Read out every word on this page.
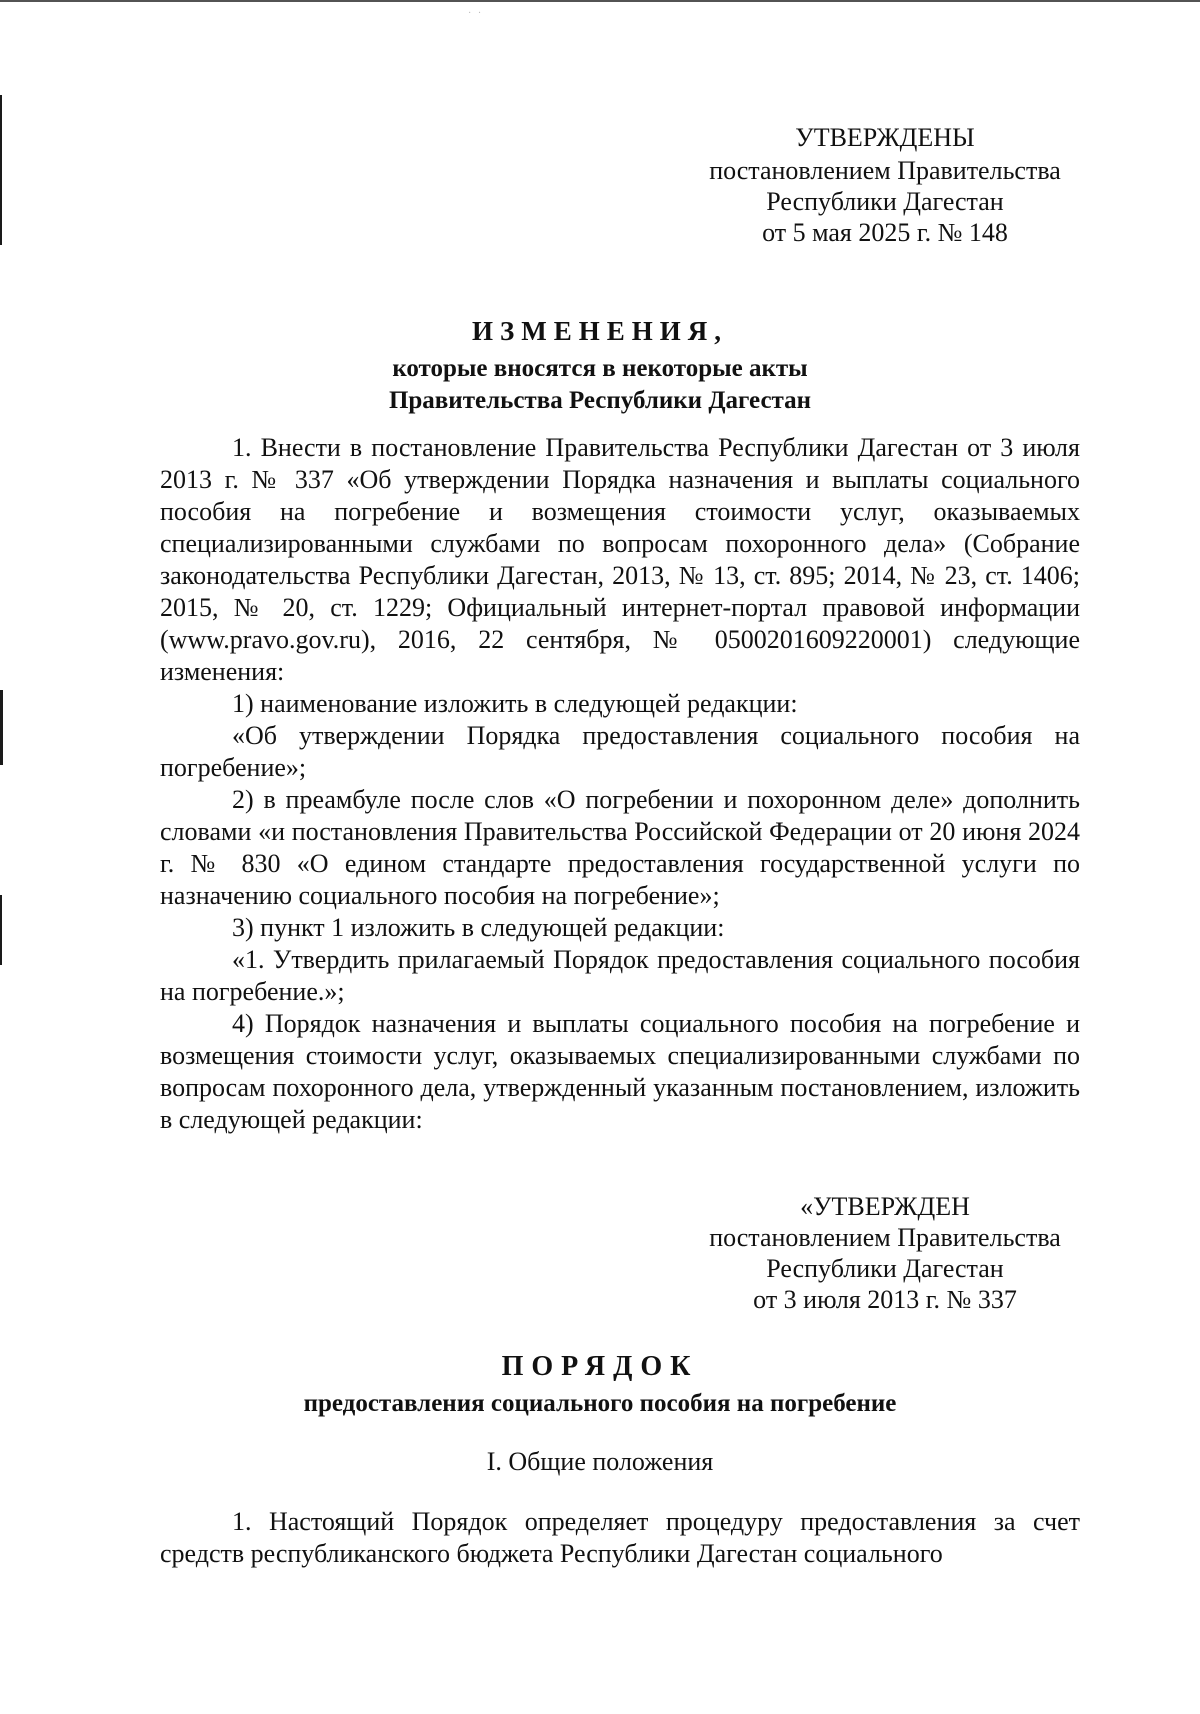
· ·
УТВЕРЖДЕНЫ
постановлением Правительства
Республики Дагестан
от 5 мая 2025 г. № 148
ИЗМЕНЕНИЯ,
которые вносятся в некоторые акты
Правительства Республики Дагестан

1. Внести в постановление Правительства Республики Дагестан от 3 июля 2013 г. № 337 «Об утверждении Порядка назначения и выплаты социального пособия на погребение и возмещения стоимости услуг, оказываемых специализированными службами по вопросам похоронного дела» (Собрание законодательства Республики Дагестан, 2013, № 13, ст. 895; 2014, № 23, ст. 1406; 2015, № 20, ст. 1229; Официальный интернет-портал правовой информации (www.pravo.gov.ru), 2016, 22 сентября, № 0500201609220001) следующие изменения:

1) наименование изложить в следующей редакции:

«Об утверждении Порядка предоставления социального пособия на погребение»;

2) в преамбуле после слов «О погребении и похоронном деле» дополнить словами «и постановления Правительства Российской Федерации от 20 июня 2024 г. № 830 «О едином стандарте предоставления государственной услуги по назначению социального пособия на погребение»;

3) пункт 1 изложить в следующей редакции:

«1. Утвердить прилагаемый Порядок предоставления социального пособия на погребение.»;

4) Порядок назначения и выплаты социального пособия на погребение и возмещения стоимости услуг, оказываемых специализированными службами по вопросам похоронного дела, утвержденный указанным постановлением, изложить в следующей редакции:

«УТВЕРЖДЕН
постановлением Правительства
Республики Дагестан
от 3 июля 2013 г. № 337
ПОРЯДОК
предоставления социального пособия на погребение
I. Общие положения

1. Настоящий Порядок определяет процедуру предоставления за счет средств республиканского бюджета Республики Дагестан социального
